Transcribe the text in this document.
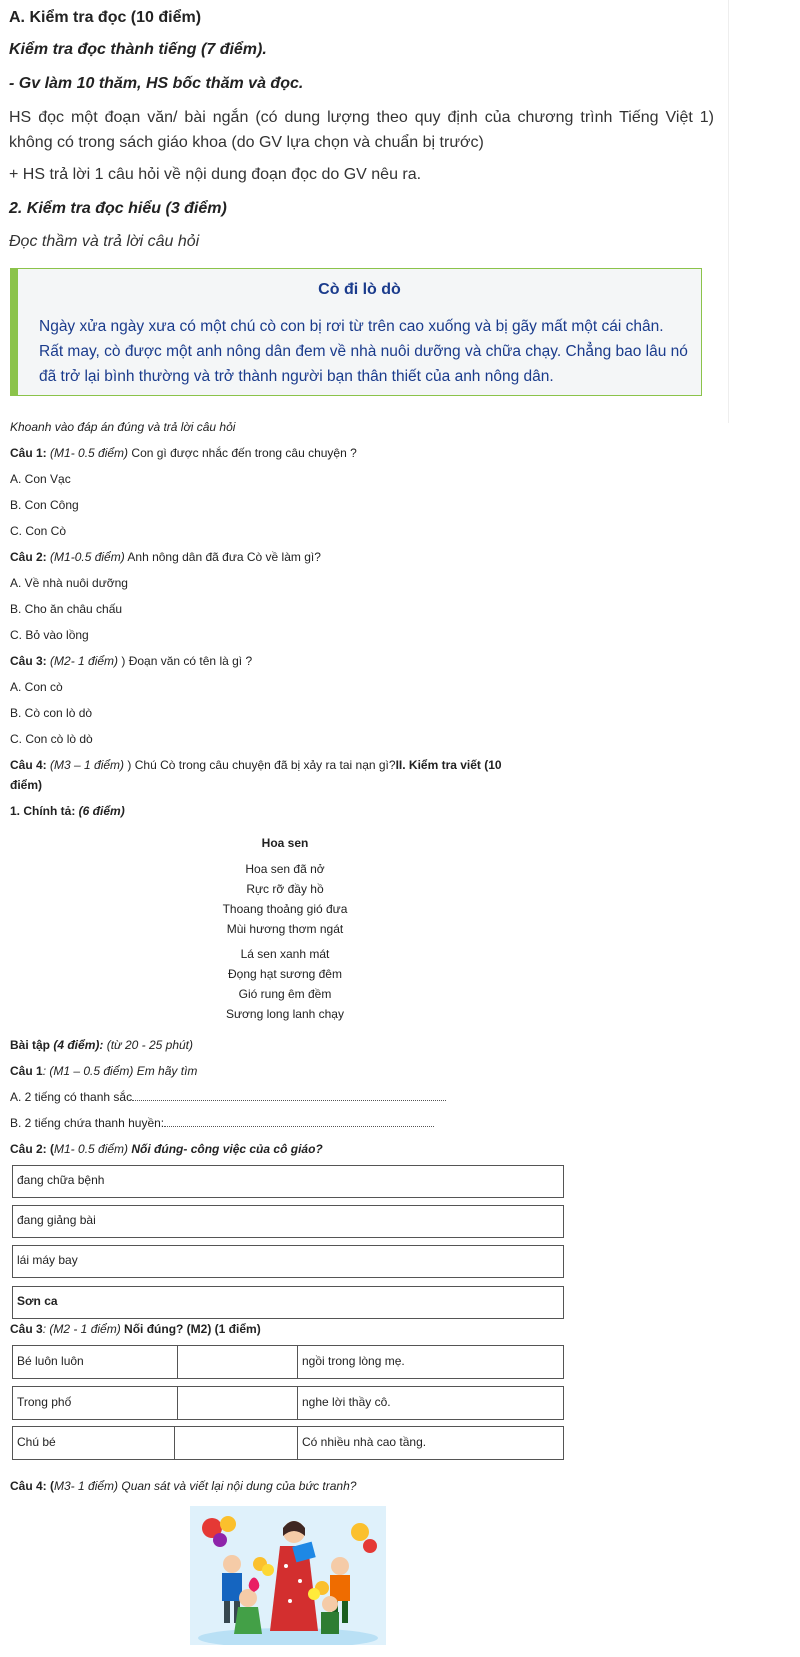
A. Kiểm tra đọc (10 điểm)
Kiểm tra đọc thành tiếng (7 điểm).
- Gv làm 10 thăm, HS bốc thăm và đọc.
HS đọc một đoạn văn/ bài ngắn (có dung lượng theo quy định của chương trình Tiếng Việt 1) không có trong sách giáo khoa (do GV lựa chọn và chuẩn bị trước)
+ HS trả lời 1 câu hỏi về nội dung đoạn đọc do GV nêu ra.
2. Kiểm tra đọc hiểu (3 điểm)
Đọc thầm và trả lời câu hỏi
Cò đi lò dò
Ngày xửa ngày xưa có một chú cò con bị rơi từ trên cao xuống và bị gãy mất một cái chân. Rất may, cò được một anh nông dân đem về nhà nuôi dưỡng và chữa chạy. Chẳng bao lâu nó đã trở lại bình thường và trở thành người bạn thân thiết của anh nông dân.
Khoanh vào đáp án đúng và trả lời câu hỏi
Câu 1: (M1- 0.5 điểm) Con gì được nhắc đến trong câu chuyện ?
A. Con Vạc
B. Con Công
C. Con Cò
Câu 2: (M1-0.5 điểm) Anh nông dân đã đưa Cò về làm gì?
A. Về nhà nuôi dưỡng
B. Cho ăn châu chấu
C. Bỏ vào lồng
Câu 3: (M2- 1 điểm) ) Đoạn văn có tên là gì ?
A. Con cò
B. Cò con lò dò
C. Con cò lò dò
Câu 4: (M3 – 1 điểm) ) Chú Cò trong câu chuyện đã bị xảy ra tai nạn gì?II. Kiểm tra viết (10
điểm)
1. Chính tả: (6 điểm)
Hoa sen
Hoa sen đã nở
Rực rỡ đầy hồ
Thoang thoảng gió đưa
Mùi hương thơm ngát
Lá sen xanh mát
Đọng hạt sương đêm
Gió rung êm đềm
Sương long lanh chạy
Bài tập (4 điểm): (từ 20 - 25 phút)
Câu 1: (M1 – 0.5 điểm) Em hãy tìm
A. 2 tiếng có thanh sắc
B. 2 tiếng chứa thanh huyền:
Câu 2: (M1- 0.5 điểm) Nối đúng- công việc của cô giáo?
đang chữa bệnh
đang giảng bài
lái máy bay
Sơn ca
Câu 3: (M2 - 1 điểm) Nối đúng? (M2) (1 điểm)
Bé luôn luôn	ngồi trong lòng mẹ.
Trong phố	nghe lời thầy cô.
Chú bé	Có nhiều nhà cao tầng.
Câu 4: (M3- 1 điểm) Quan sát và viết lại nội dung của bức tranh?
